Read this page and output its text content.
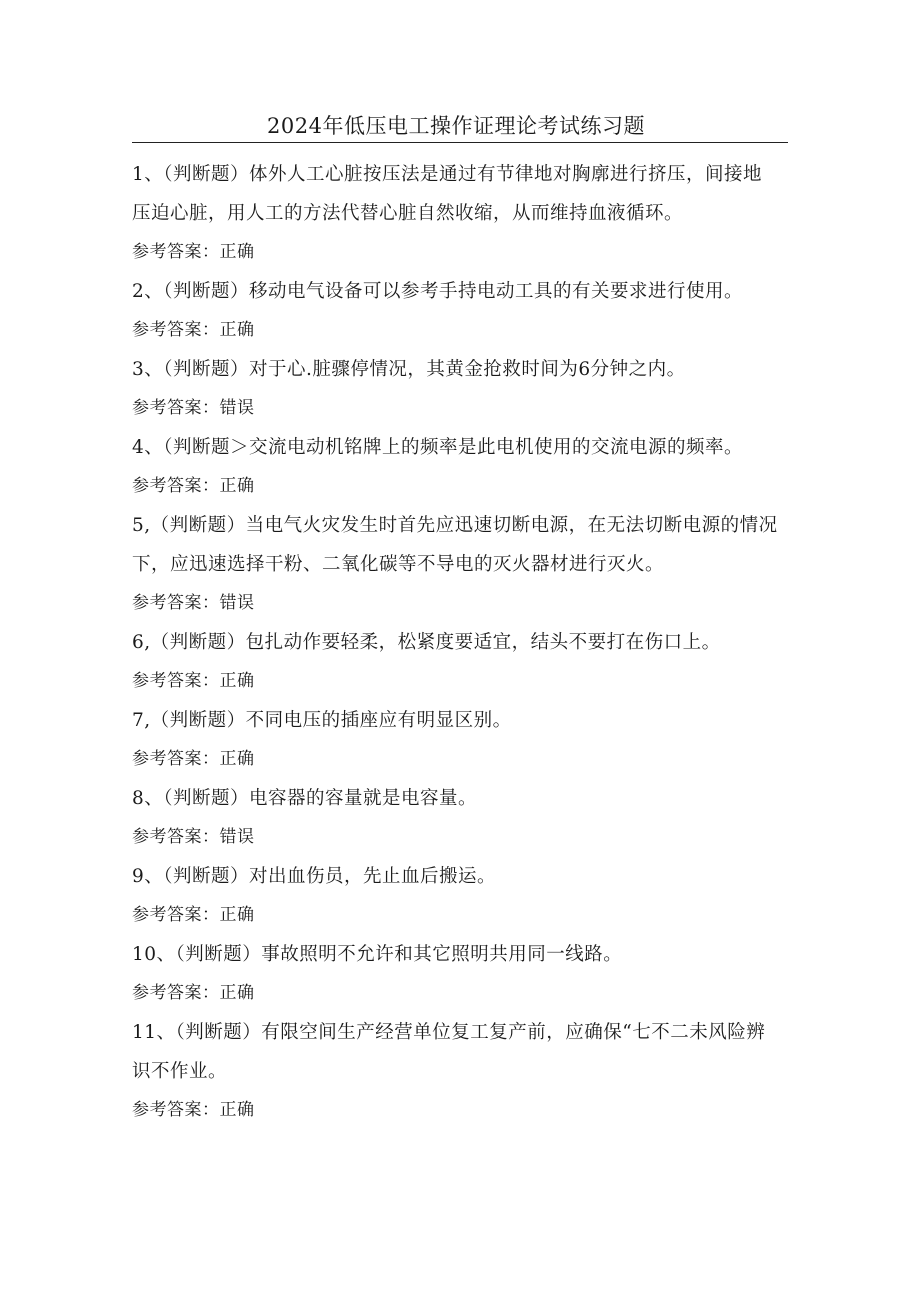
2024年低压电工操作证理论考试练习题

1、（判断题）体外人工心脏按压法是通过有节律地对胸廓进行挤压，间接地压迫心脏，用人工的方法代替心脏自然收缩，从而维持血液循环。

参考答案：正确

2、（判断题）移动电气设备可以参考手持电动工具的有关要求进行使用。

参考答案：正确

3、（判断题）对于心.脏骤停情况，其黄金抢救时间为6分钟之内。

参考答案：错误

4、（判断题＞交流电动机铭牌上的频率是此电机使用的交流电源的频率。

参考答案：正确

5,（判断题）当电气火灾发生时首先应迅速切断电源，在无法切断电源的情况下，应迅速选择干粉、二氧化碳等不导电的灭火器材进行灭火。

参考答案：错误

6,（判断题）包扎动作要轻柔，松紧度要适宜，结头不要打在伤口上。

参考答案：正确

7,（判断题）不同电压的插座应有明显区别。

参考答案：正确

8、（判断题）电容器的容量就是电容量。

参考答案：错误

9、（判断题）对出血伤员，先止血后搬运。

参考答案：正确

10、（判断题）事故照明不允许和其它照明共用同一线路。

参考答案：正确

11、（判断题）有限空间生产经营单位复工复产前，应确保“七不二未风险辨识不作业。

参考答案：正确
